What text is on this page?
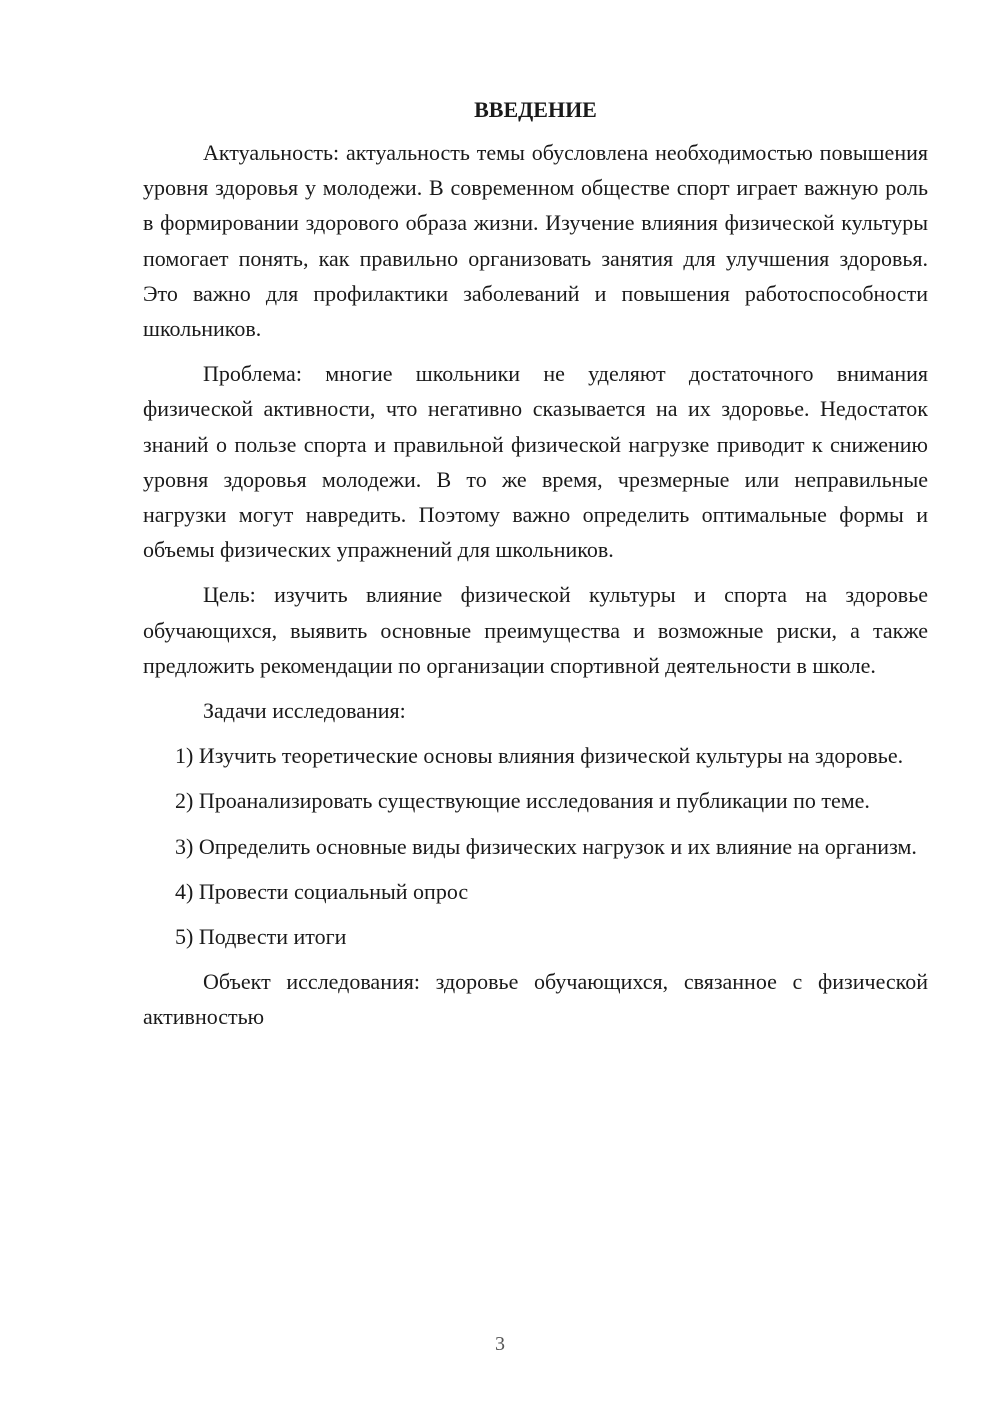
ВВЕДЕНИЕ

Актуальность: актуальность темы обусловлена необходимостью повышения уровня здоровья у молодежи. В современном обществе спорт играет важную роль в формировании здорового образа жизни. Изучение влияния физической культуры помогает понять, как правильно организовать занятия для улучшения здоровья. Это важно для профилактики заболеваний и повышения работоспособности школьников.

Проблема: многие школьники не уделяют достаточного внимания физической активности, что негативно сказывается на их здоровье. Недостаток знаний о пользе спорта и правильной физической нагрузке приводит к снижению уровня здоровья молодежи. В то же время, чрезмерные или неправильные нагрузки могут навредить. Поэтому важно определить оптимальные формы и объемы физических упражнений для школьников.

Цель: изучить влияние физической культуры и спорта на здоровье обучающихся, выявить основные преимущества и возможные риски, а также предложить рекомендации по организации спортивной деятельности в школе.

Задачи исследования:

1) Изучить теоретические основы влияния физической культуры на здоровье.

2) Проанализировать существующие исследования и публикации по теме.

3) Определить основные виды физических нагрузок и их влияние на организм.

4) Провести социальный опрос

5) Подвести итоги

Объект исследования: здоровье обучающихся, связанное с физической активностью

3
